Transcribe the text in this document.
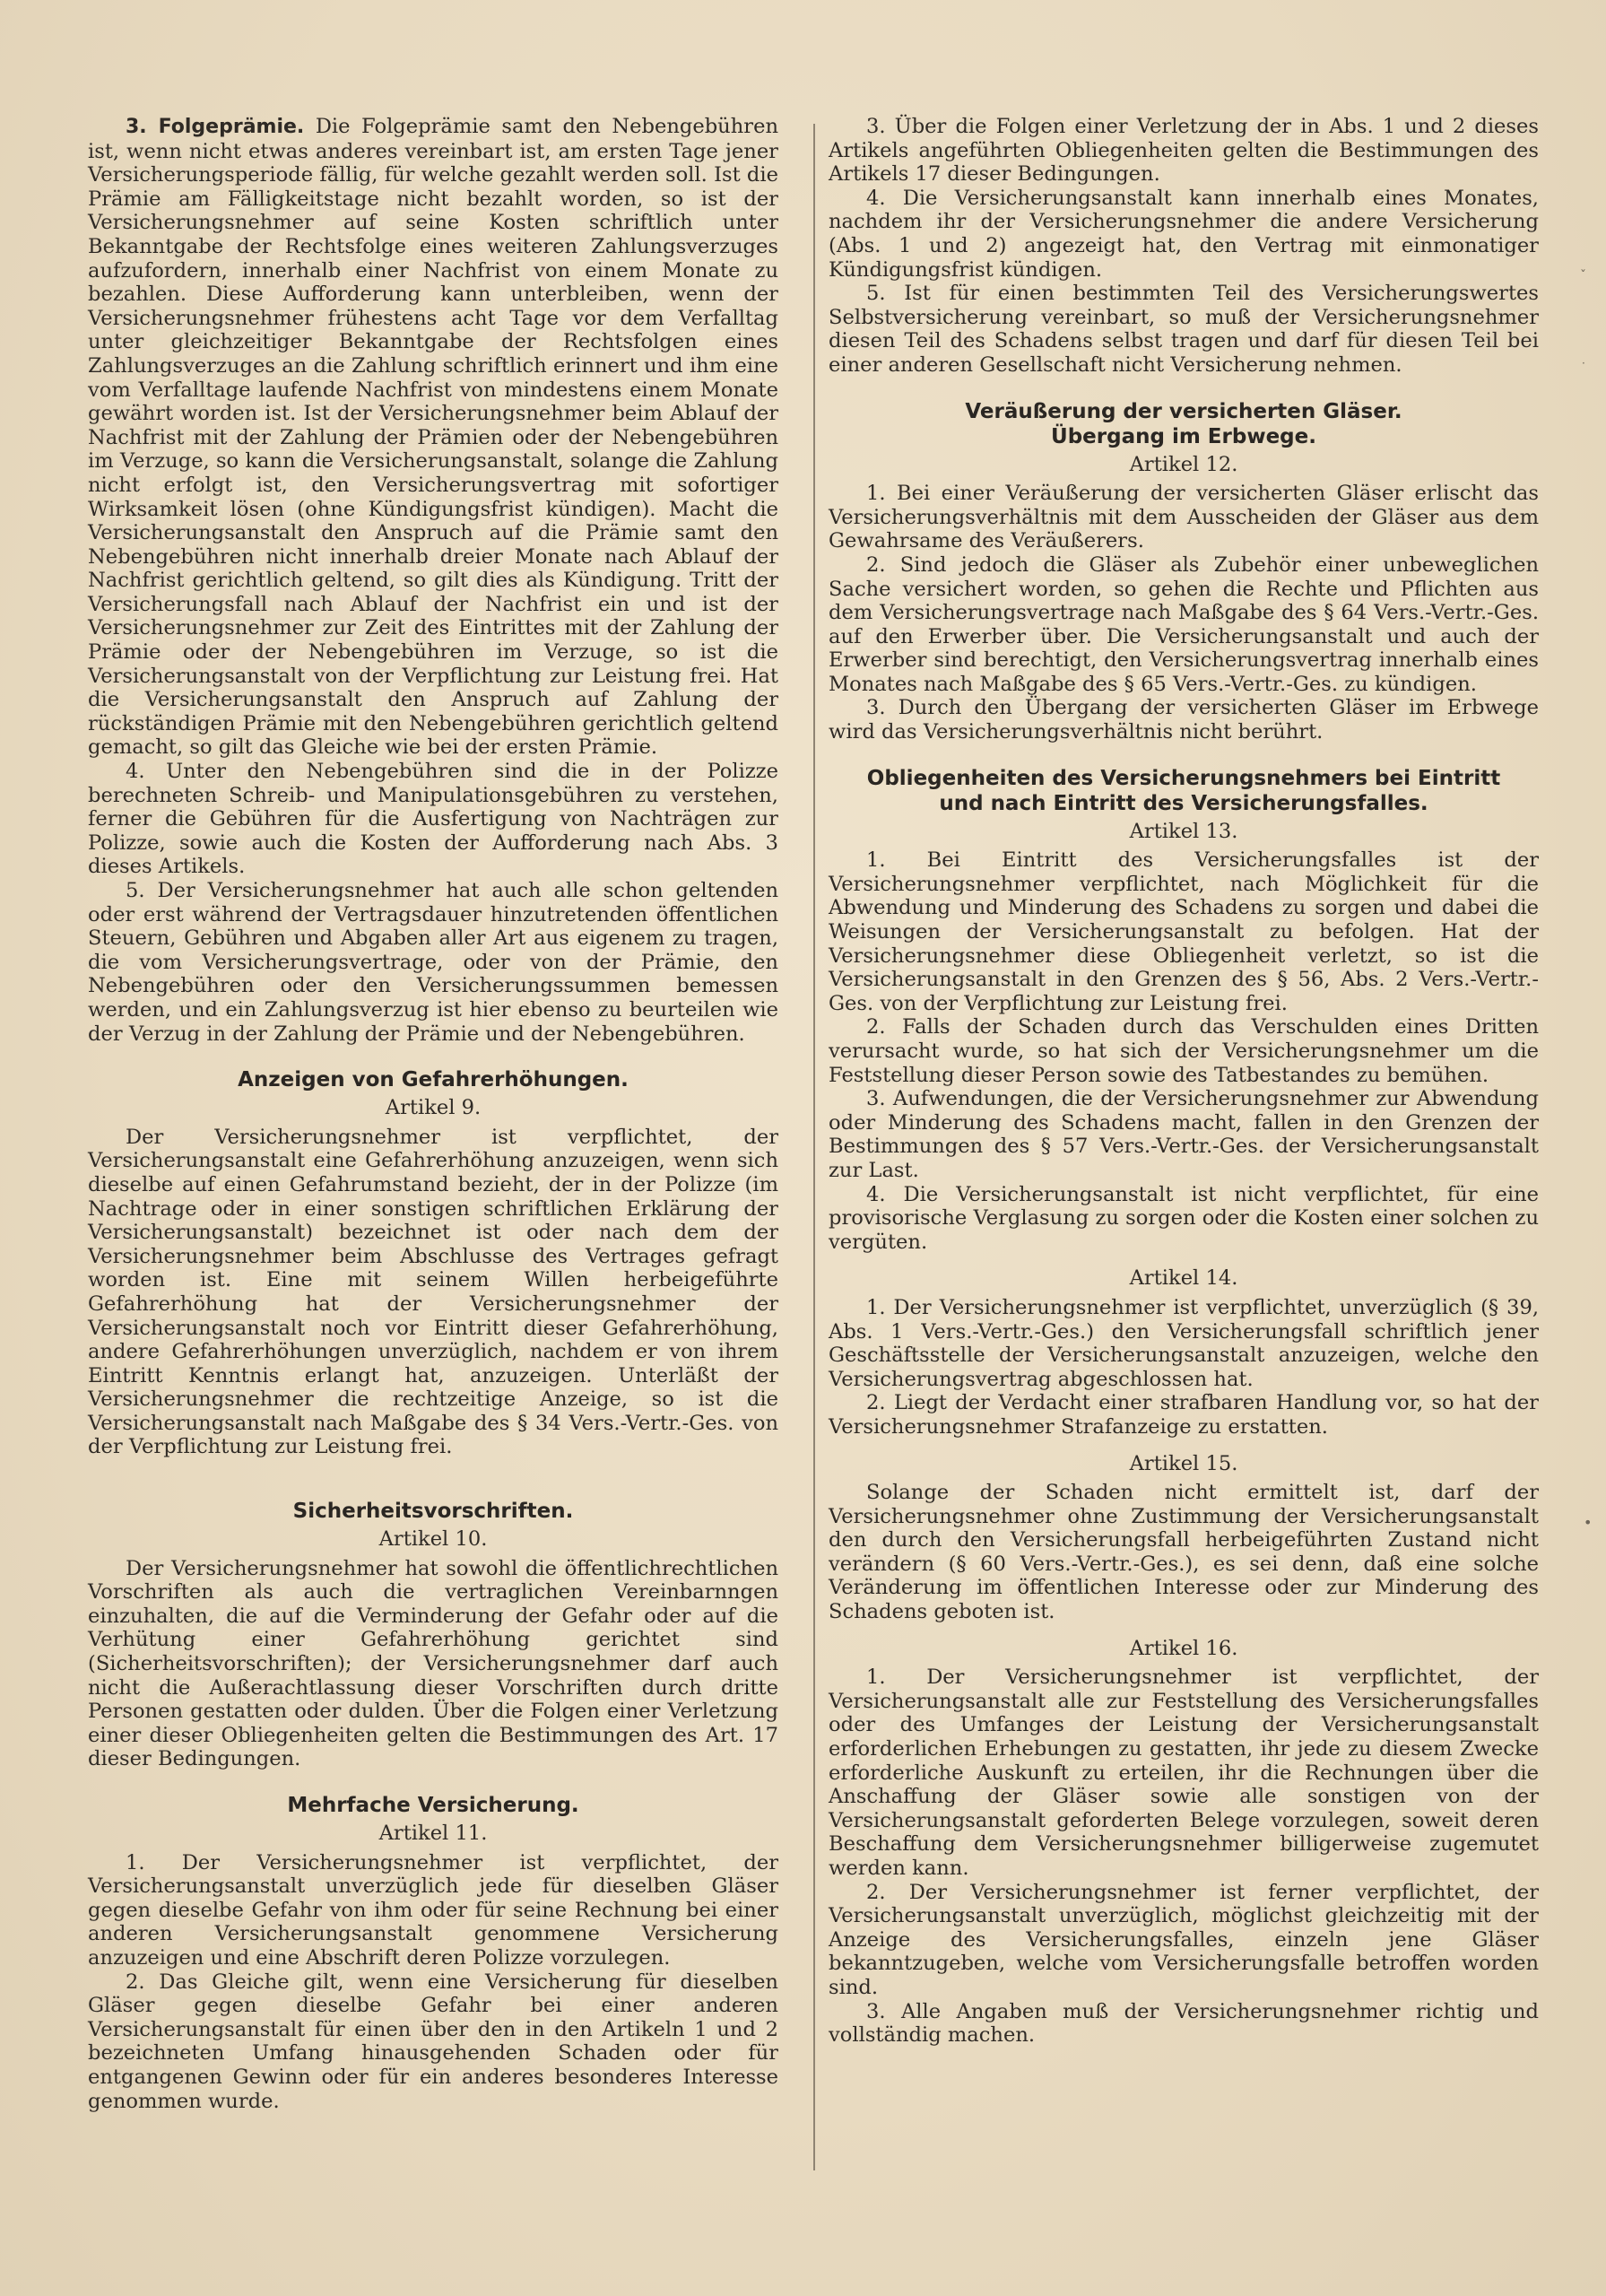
3. Folgeprämie. Die Folgeprämie samt den Nebengebühren ist, wenn nicht etwas anderes vereinbart ist, am ersten Tage jener Versicherungsperiode fällig, für welche gezahlt werden soll. Ist die Prämie am Fälligkeitstage nicht bezahlt worden, so ist der Versicherungsnehmer auf seine Kosten schriftlich unter Bekanntgabe der Rechtsfolge eines weiteren Zahlungsverzuges aufzufordern, innerhalb einer Nachfrist von einem Monate zu bezahlen. Diese Aufforderung kann unterbleiben, wenn der Versicherungsnehmer frühestens acht Tage vor dem Verfalltag unter gleichzeitiger Bekanntgabe der Rechtsfolgen eines Zahlungsverzuges an die Zahlung schriftlich erinnert und ihm eine vom Verfalltage laufende Nachfrist von mindestens einem Monate gewährt worden ist. Ist der Versicherungsnehmer beim Ablauf der Nachfrist mit der Zahlung der Prämien oder der Nebengebühren im Verzuge, so kann die Versicherungsanstalt, solange die Zahlung nicht erfolgt ist, den Versicherungsvertrag mit sofortiger Wirksamkeit lösen (ohne Kündigungsfrist kündigen). Macht die Versicherungsanstalt den Anspruch auf die Prämie samt den Nebengebühren nicht innerhalb dreier Monate nach Ablauf der Nachfrist gerichtlich geltend, so gilt dies als Kündigung. Tritt der Versicherungsfall nach Ablauf der Nachfrist ein und ist der Versicherungsnehmer zur Zeit des Eintrittes mit der Zahlung der Prämie oder der Nebengebühren im Verzuge, so ist die Versicherungsanstalt von der Verpflichtung zur Leistung frei. Hat die Versicherungsanstalt den Anspruch auf Zahlung der rückständigen Prämie mit den Nebengebühren gerichtlich geltend gemacht, so gilt das Gleiche wie bei der ersten Prämie.

4. Unter den Nebengebühren sind die in der Polizze berechneten Schreib- und Manipulationsgebühren zu verstehen, ferner die Gebühren für die Ausfertigung von Nachträgen zur Polizze, sowie auch die Kosten der Aufforderung nach Abs. 3 dieses Artikels.

5. Der Versicherungsnehmer hat auch alle schon geltenden oder erst während der Vertragsdauer hinzutretenden öffentlichen Steuern, Gebühren und Abgaben aller Art aus eigenem zu tragen, die vom Versicherungsvertrage, oder von der Prämie, den Nebengebühren oder den Versicherungssummen bemessen werden, und ein Zahlungsverzug ist hier ebenso zu beurteilen wie der Verzug in der Zahlung der Prämie und der Nebengebühren.

Anzeigen von Gefahrerhöhungen.
Artikel 9.

Der Versicherungsnehmer ist verpflichtet, der Versicherungsanstalt eine Gefahrerhöhung anzuzeigen, wenn sich dieselbe auf einen Gefahrumstand bezieht, der in der Polizze (im Nachtrage oder in einer sonstigen schriftlichen Erklärung der Versicherungsanstalt) bezeichnet ist oder nach dem der Versicherungsnehmer beim Abschlusse des Vertrages gefragt worden ist. Eine mit seinem Willen herbeigeführte Gefahrerhöhung hat der Versicherungsnehmer der Versicherungsanstalt noch vor Eintritt dieser Gefahrerhöhung, andere Gefahrerhöhungen unverzüglich, nachdem er von ihrem Eintritt Kenntnis erlangt hat, anzuzeigen. Unterläßt der Versicherungsnehmer die rechtzeitige Anzeige, so ist die Versicherungsanstalt nach Maßgabe des § 34 Vers.-Vertr.-Ges. von der Verpflichtung zur Leistung frei.

Sicherheitsvorschriften.
Artikel 10.

Der Versicherungsnehmer hat sowohl die öffentlichrechtlichen Vorschriften als auch die vertraglichen Vereinbarnngen einzuhalten, die auf die Verminderung der Gefahr oder auf die Verhütung einer Gefahrerhöhung gerichtet sind (Sicherheitsvorschriften); der Versicherungsnehmer darf auch nicht die Außerachtlassung dieser Vorschriften durch dritte Personen gestatten oder dulden. Über die Folgen einer Verletzung einer dieser Obliegenheiten gelten die Bestimmungen des Art. 17 dieser Bedingungen.

Mehrfache Versicherung.
Artikel 11.

1. Der Versicherungsnehmer ist verpflichtet, der Versicherungsanstalt unverzüglich jede für dieselben Gläser gegen dieselbe Gefahr von ihm oder für seine Rechnung bei einer anderen Versicherungsanstalt genommene Versicherung anzuzeigen und eine Abschrift deren Polizze vorzulegen.

2. Das Gleiche gilt, wenn eine Versicherung für dieselben Gläser gegen dieselbe Gefahr bei einer anderen Versicherungsanstalt für einen über den in den Artikeln 1 und 2 bezeichneten Umfang hinausgehenden Schaden oder für entgangenen Gewinn oder für ein anderes besonderes Interesse genommen wurde.

3. Über die Folgen einer Verletzung der in Abs. 1 und 2 dieses Artikels angeführten Obliegenheiten gelten die Bestimmungen des Artikels 17 dieser Bedingungen.

4. Die Versicherungsanstalt kann innerhalb eines Monates, nachdem ihr der Versicherungsnehmer die andere Versicherung (Abs. 1 und 2) angezeigt hat, den Vertrag mit einmonatiger Kündigungsfrist kündigen.

5. Ist für einen bestimmten Teil des Versicherungswertes Selbstversicherung vereinbart, so muß der Versicherungsnehmer diesen Teil des Schadens selbst tragen und darf für diesen Teil bei einer anderen Gesellschaft nicht Versicherung nehmen.

Veräußerung der versicherten Gläser.
Übergang im Erbwege.
Artikel 12.

1. Bei einer Veräußerung der versicherten Gläser erlischt das Versicherungsverhältnis mit dem Ausscheiden der Gläser aus dem Gewahrsame des Veräußerers.

2. Sind jedoch die Gläser als Zubehör einer unbeweglichen Sache versichert worden, so gehen die Rechte und Pflichten aus dem Versicherungsvertrage nach Maßgabe des § 64 Vers.-Vertr.-Ges. auf den Erwerber über. Die Versicherungsanstalt und auch der Erwerber sind berechtigt, den Versicherungsvertrag innerhalb eines Monates nach Maßgabe des § 65 Vers.-Vertr.-Ges. zu kündigen.

3. Durch den Übergang der versicherten Gläser im Erbwege wird das Versicherungsverhältnis nicht berührt.

Obliegenheiten des Versicherungsnehmers bei Eintritt
und nach Eintritt des Versicherungsfalles.
Artikel 13.

1. Bei Eintritt des Versicherungsfalles ist der Versicherungsnehmer verpflichtet, nach Möglichkeit für die Abwendung und Minderung des Schadens zu sorgen und dabei die Weisungen der Versicherungsanstalt zu befolgen. Hat der Versicherungsnehmer diese Obliegenheit verletzt, so ist die Versicherungsanstalt in den Grenzen des § 56, Abs. 2 Vers.-Vertr.-Ges. von der Verpflichtung zur Leistung frei.

2. Falls der Schaden durch das Verschulden eines Dritten verursacht wurde, so hat sich der Versicherungsnehmer um die Feststellung dieser Person sowie des Tatbestandes zu bemühen.

3. Aufwendungen, die der Versicherungsnehmer zur Abwendung oder Minderung des Schadens macht, fallen in den Grenzen der Bestimmungen des § 57 Vers.-Vertr.-Ges. der Versicherungsanstalt zur Last.

4. Die Versicherungsanstalt ist nicht verpflichtet, für eine provisorische Verglasung zu sorgen oder die Kosten einer solchen zu vergüten.

Artikel 14.

1. Der Versicherungsnehmer ist verpflichtet, unverzüglich (§ 39, Abs. 1 Vers.-Vertr.-Ges.) den Versicherungsfall schriftlich jener Geschäftsstelle der Versicherungsanstalt anzuzeigen, welche den Versicherungsvertrag abgeschlossen hat.

2. Liegt der Verdacht einer strafbaren Handlung vor, so hat der Versicherungsnehmer Strafanzeige zu erstatten.

Artikel 15.

Solange der Schaden nicht ermittelt ist, darf der Versicherungsnehmer ohne Zustimmung der Versicherungsanstalt den durch den Versicherungsfall herbeigeführten Zustand nicht verändern (§ 60 Vers.-Vertr.-Ges.), es sei denn, daß eine solche Veränderung im öffentlichen Interesse oder zur Minderung des Schadens geboten ist.

Artikel 16.

1. Der Versicherungsnehmer ist verpflichtet, der Versicherungsanstalt alle zur Feststellung des Versicherungsfalles oder des Umfanges der Leistung der Versicherungsanstalt erforderlichen Erhebungen zu gestatten, ihr jede zu diesem Zwecke erforderliche Auskunft zu erteilen, ihr die Rechnungen über die Anschaffung der Gläser sowie alle sonstigen von der Versicherungsanstalt geforderten Belege vorzulegen, soweit deren Beschaffung dem Versicherungsnehmer billigerweise zugemutet werden kann.

2. Der Versicherungsnehmer ist ferner verpflichtet, der Versicherungsanstalt unverzüglich, möglichst gleichzeitig mit der Anzeige des Versicherungsfalles, einzeln jene Gläser bekanntzugeben, welche vom Versicherungsfalle betroffen worden sind.

3. Alle Angaben muß der Versicherungsnehmer richtig und vollständig machen.

ˇ
·
•
